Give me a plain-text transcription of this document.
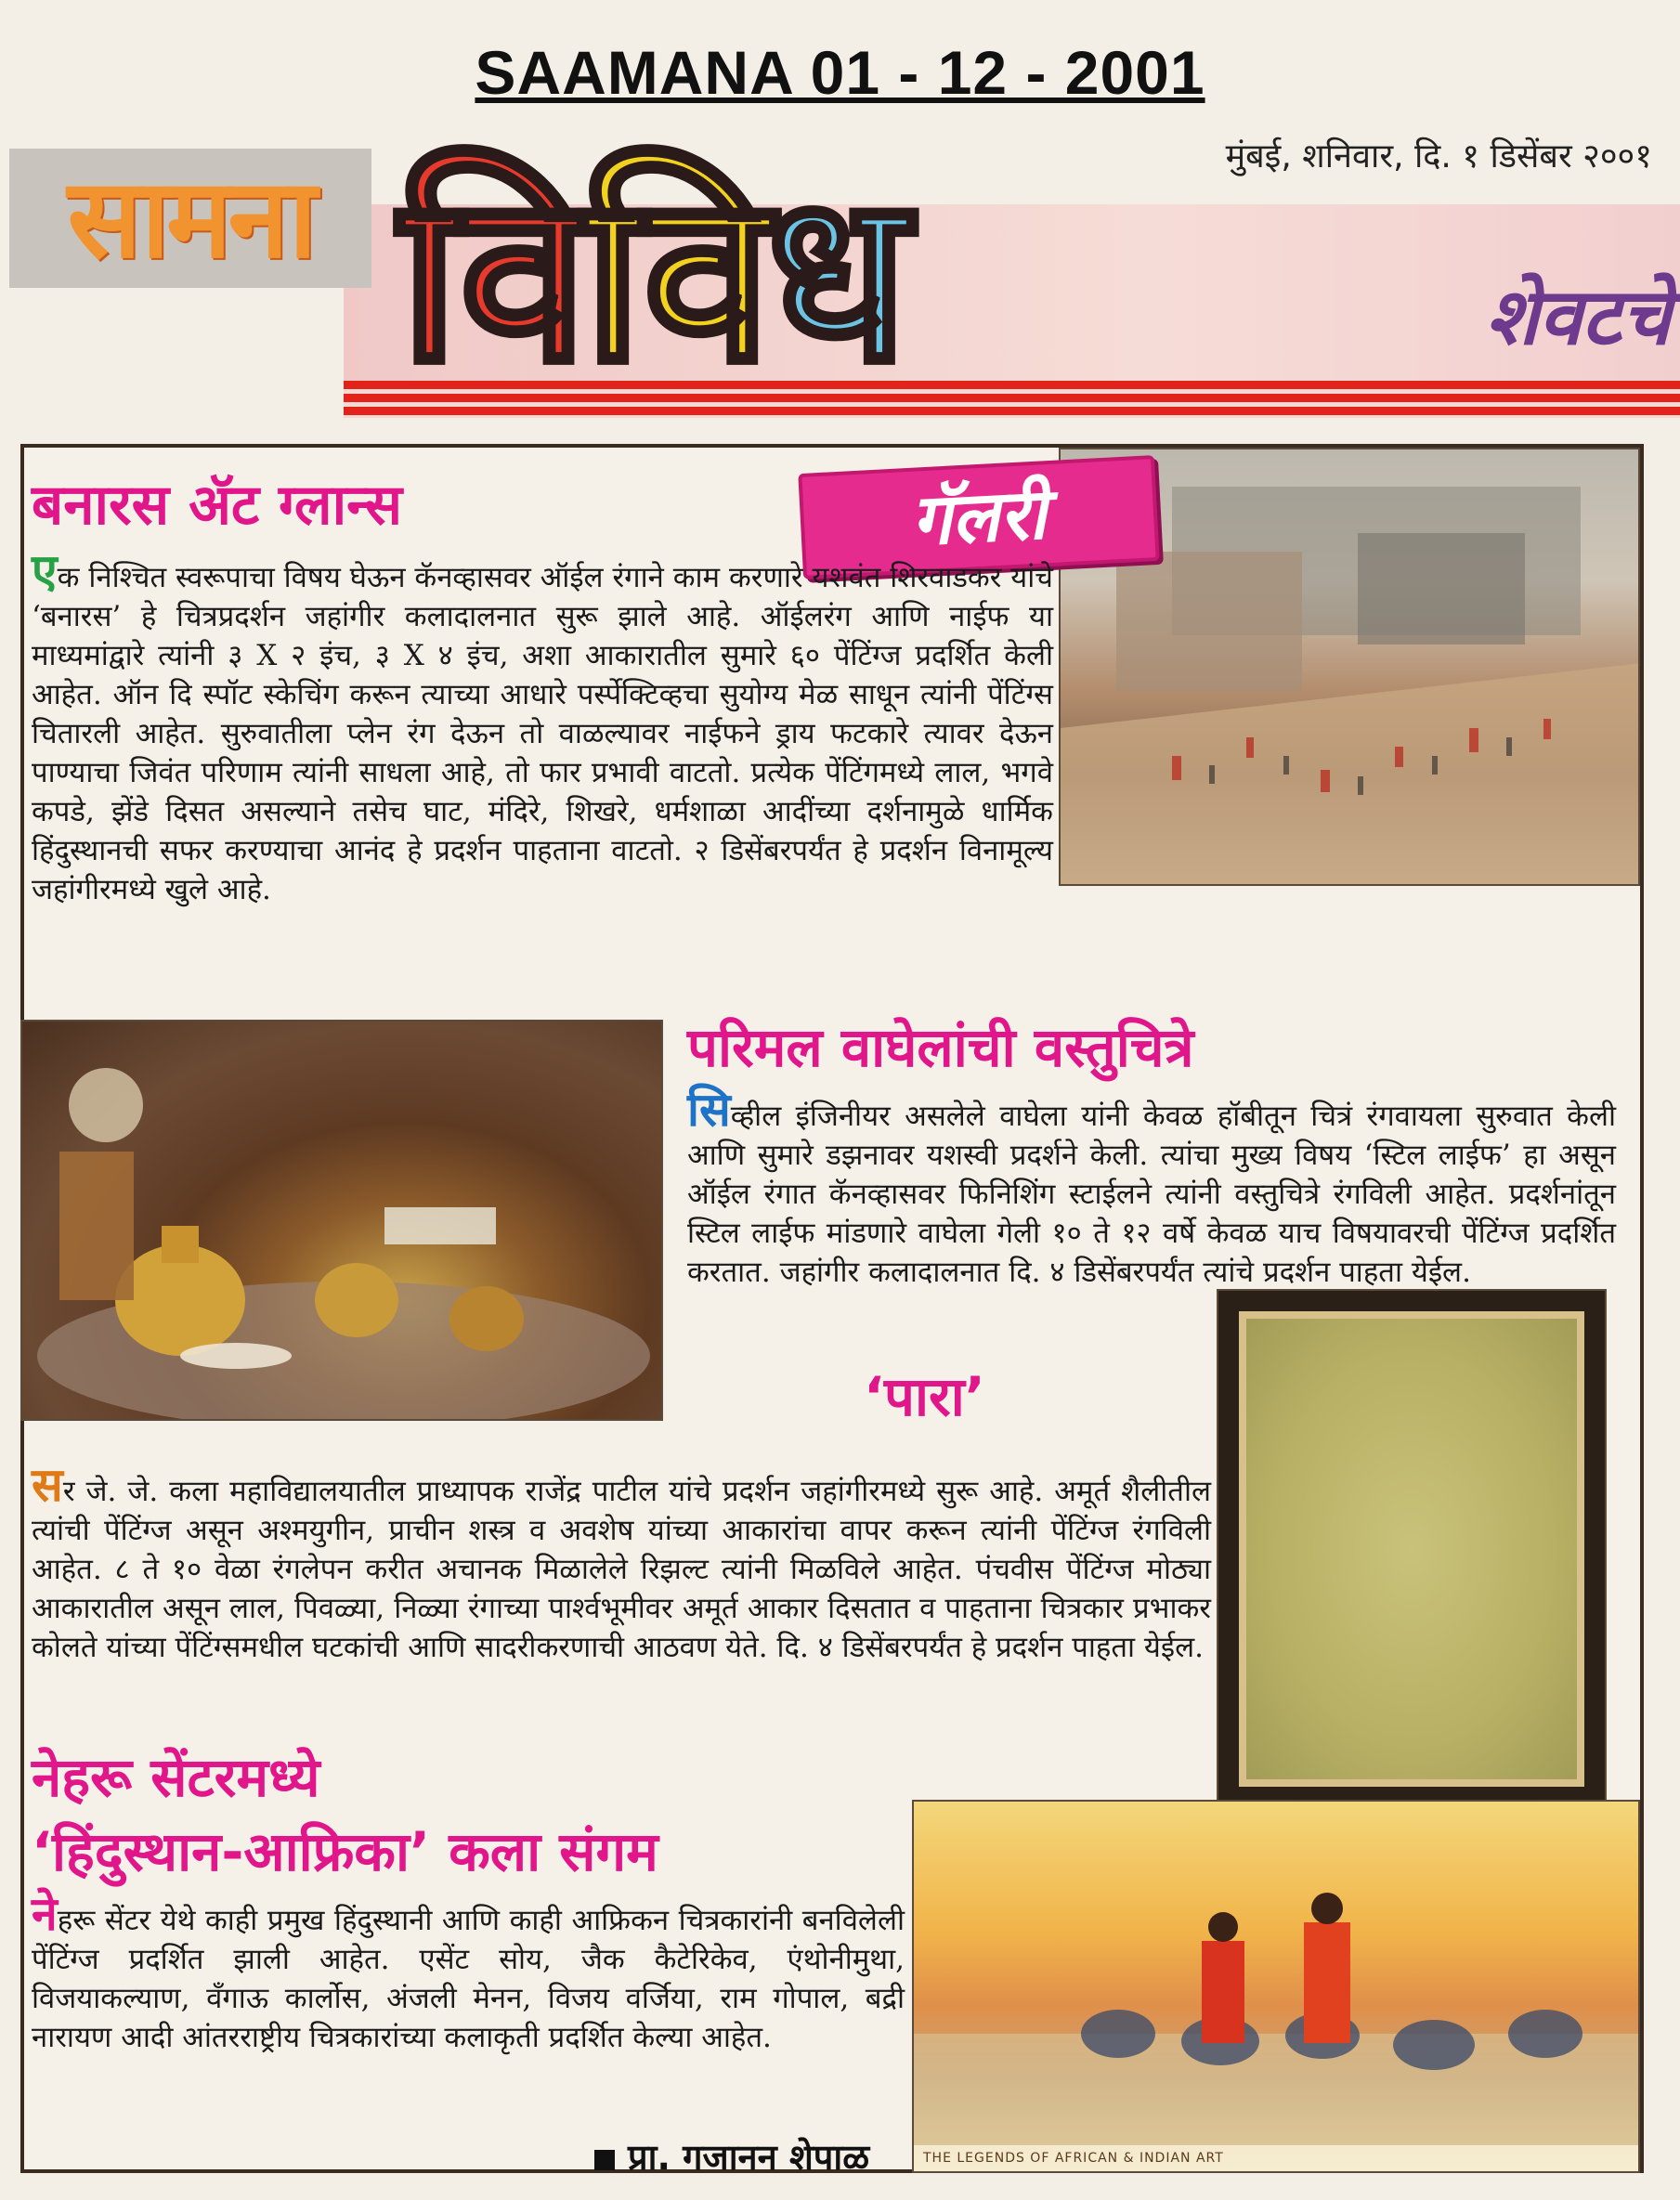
SAAMANA 01 - 12 - 2001
सामना विविध	मुंबई, शनिवार, दि. १ डिसेंबर २००१
शेवटचे
गॅलरी
बनारस ॲट ग्लान्स
एक निश्चित स्वरूपाचा विषय घेऊन कॅनव्हासवर ऑईल रंगाने काम करणारे यशवंत शिरवाडकर यांचे ‘बनारस’ हे चित्रप्रदर्शन जहांगीर कलादालनात सुरू झाले आहे. ऑईलरंग आणि नाईफ या माध्यमांद्वारे त्यांनी ३ X २ इंच, ३ X ४ इंच, अशा आकारातील सुमारे ६० पेंटिंग्ज प्रदर्शित केली आहेत. ऑन दि स्पॉट स्केचिंग करून त्याच्या आधारे पर्स्पेक्टिव्हचा सुयोग्य मेळ साधून त्यांनी पेंटिंग्स चितारली आहेत. सुरुवातीला प्लेन रंग देऊन तो वाळल्यावर नाईफने ड्राय फटकारे त्यावर देऊन पाण्याचा जिवंत परिणाम त्यांनी साधला आहे, तो फार प्रभावी वाटतो. प्रत्येक पेंटिंगमध्ये लाल, भगवे कपडे, झेंडे दिसत असल्याने तसेच घाट, मंदिरे, शिखरे, धर्मशाळा आदींच्या दर्शनामुळे धार्मिक हिंदुस्थानची सफर करण्याचा आनंद हे प्रदर्शन पाहताना वाटतो. २ डिसेंबरपर्यंत हे प्रदर्शन विनामूल्य जहांगीरमध्ये खुले आहे.
परिमल वाघेलांची वस्तुचित्रे
सिव्हील इंजिनीयर असलेले वाघेला यांनी केवळ हॉबीतून चित्रं रंगवायला सुरुवात केली आणि सुमारे डझनावर यशस्वी प्रदर्शने केली. त्यांचा मुख्य विषय ‘स्टिल लाईफ’ हा असून ऑईल रंगात कॅनव्हासवर फिनिशिंग स्टाईलने त्यांनी वस्तुचित्रे रंगविली आहेत. प्रदर्शनांतून स्टिल लाईफ मांडणारे वाघेला गेली १० ते १२ वर्षे केवळ याच विषयावरची पेंटिंग्ज प्रदर्शित करतात. जहांगीर कलादालनात दि. ४ डिसेंबरपर्यंत त्यांचे प्रदर्शन पाहता येईल.
‘पारा’
सर जे. जे. कला महाविद्यालयातील प्राध्यापक राजेंद्र पाटील यांचे प्रदर्शन जहांगीरमध्ये सुरू आहे. अमूर्त शैलीतील त्यांची पेंटिंग्ज असून अश्मयुगीन, प्राचीन शस्त्र व अवशेष यांच्या आकारांचा वापर करून त्यांनी पेंटिंग्ज रंगविली आहेत. ८ ते १० वेळा रंगलेपन करीत अचानक मिळालेले रिझल्ट त्यांनी मिळविले आहेत. पंचवीस पेंटिंग्ज मोठ्या आकारातील असून लाल, पिवळ्या, निळ्या रंगाच्या पार्श्वभूमीवर अमूर्त आकार दिसतात व पाहताना चित्रकार प्रभाकर कोलते यांच्या पेंटिंग्समधील घटकांची आणि सादरीकरणाची आठवण येते. दि. ४ डिसेंबरपर्यंत हे प्रदर्शन पाहता येईल.
THE LEGENDS OF AFRICAN & INDIAN ART
नेहरू सेंटरमध्ये
‘हिंदुस्थान-आफ्रिका’ कला संगम
नेहरू सेंटर येथे काही प्रमुख हिंदुस्थानी आणि काही आफ्रिकन चित्रकारांनी बनविलेली पेंटिंग्ज प्रदर्शित झाली आहेत. एसेंट सोय, जैक कैटेरिकेव, एंथोनीमुथा, विजयाकल्याण, वँगाऊ कार्लोस, अंजली मेनन, विजय वर्जिया, राम गोपाल, बद्री नारायण आदी आंतरराष्ट्रीय चित्रकारांच्या कलाकृती प्रदर्शित केल्या आहेत.
प्रा. गजानन शेपाळ
